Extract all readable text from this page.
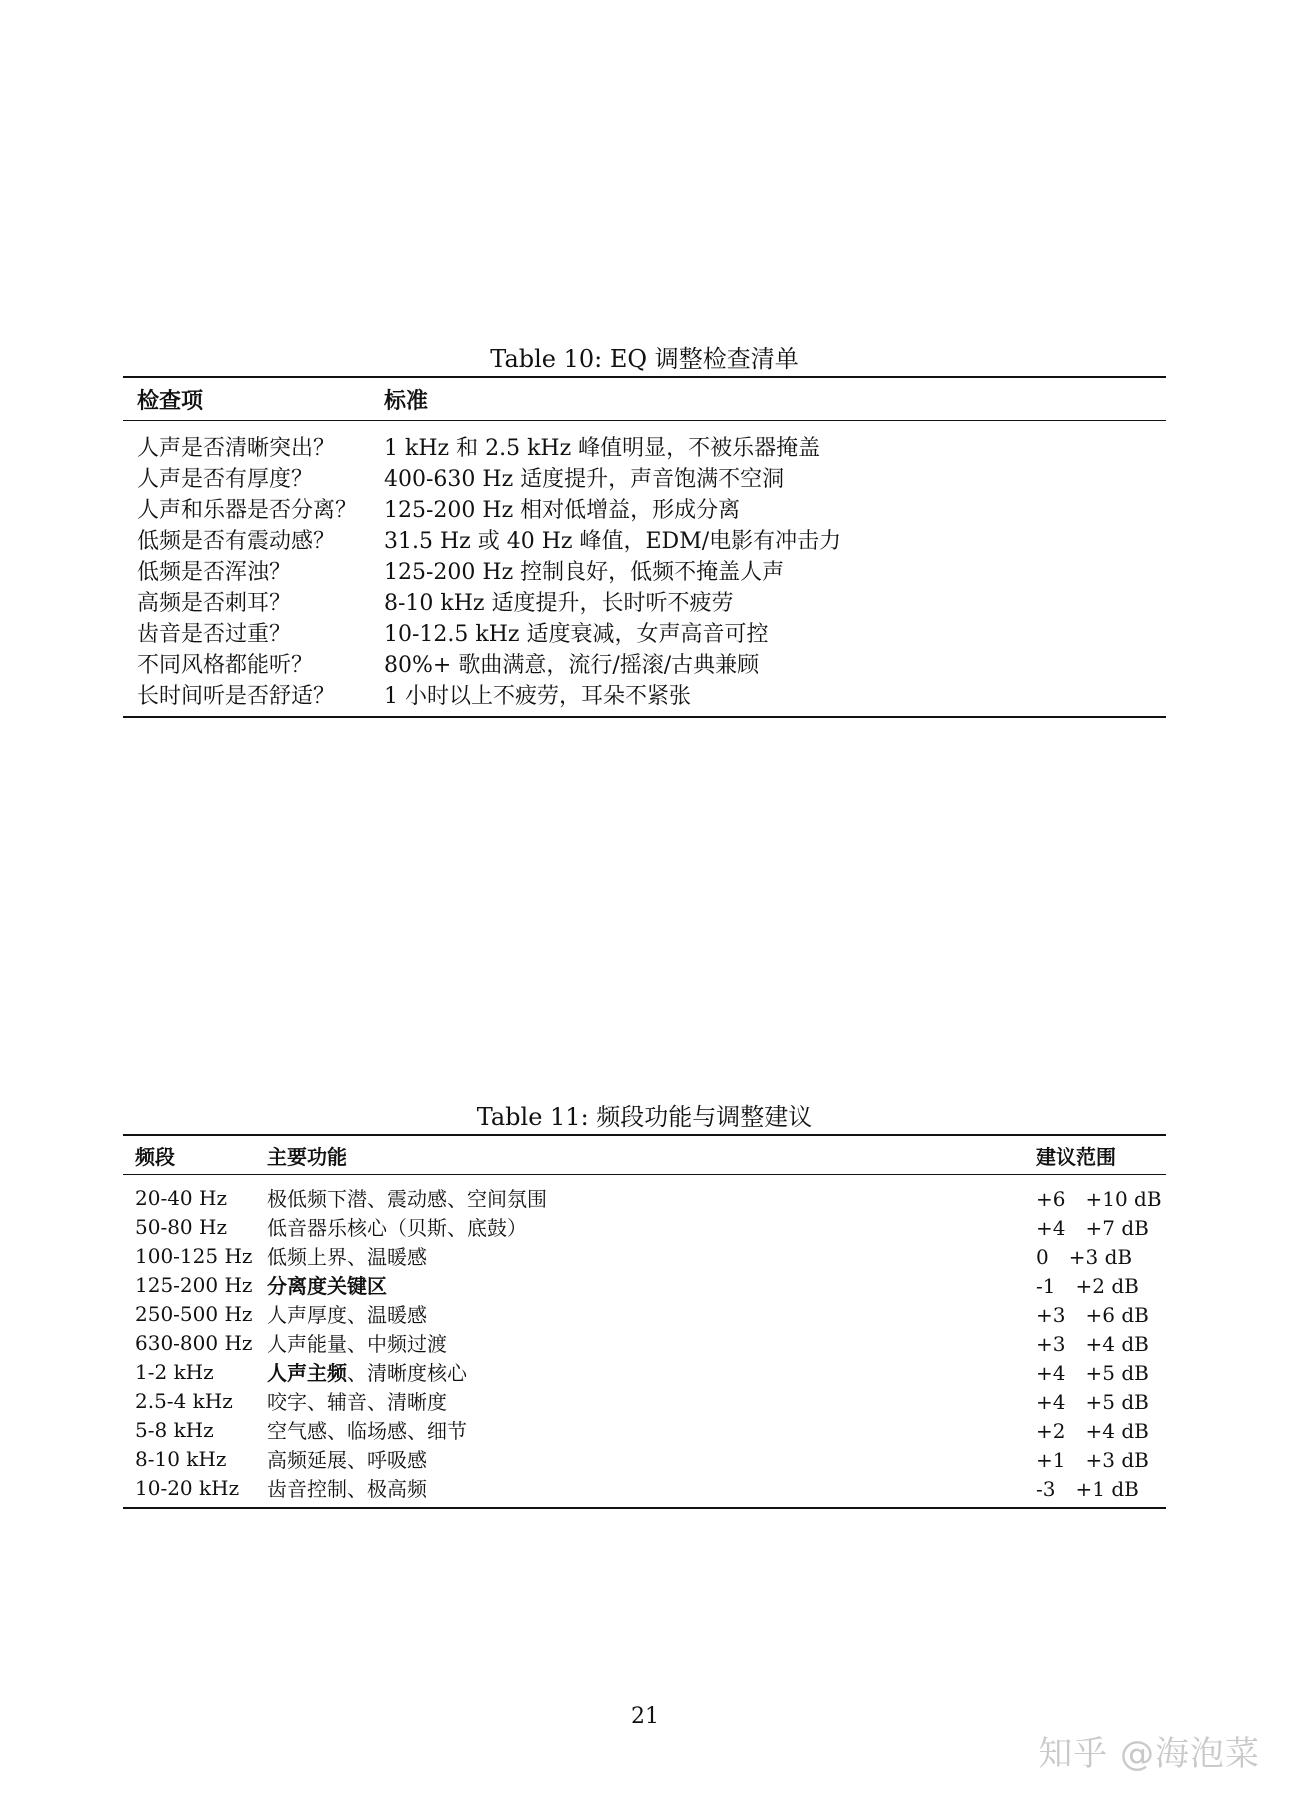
Table 10: EQ 调整检查清单
检查项	标准

人声是否清晰突出？	1 kHz 和 2.5 kHz 峰值明显，不被乐器掩盖
人声是否有厚度？	400-630 Hz 适度提升，声音饱满不空洞
人声和乐器是否分离？	125-200 Hz 相对低增益，形成分离
低频是否有震动感？	31.5 Hz 或 40 Hz 峰值，EDM/电影有冲击力
低频是否浑浊？	125-200 Hz 控制良好，低频不掩盖人声
高频是否刺耳？	8-10 kHz 适度提升，长时听不疲劳
齿音是否过重？	10-12.5 kHz 适度衰减，女声高音可控
不同风格都能听？	80%+ 歌曲满意，流行/摇滚/古典兼顾
长时间听是否舒适？	1 小时以上不疲劳，耳朵不紧张

Table 11: 频段功能与调整建议
频段	主要功能	建议范围

20-40 Hz	极低频下潜、震动感、空间氛围	+6　+10 dB
50-80 Hz	低音器乐核心（贝斯、底鼓）	+4　+7 dB
100-125 Hz	低频上界、温暖感	0　+3 dB
125-200 Hz	分离度关键区	-1　+2 dB
250-500 Hz	人声厚度、温暖感	+3　+6 dB
630-800 Hz	人声能量、中频过渡	+3　+4 dB
1-2 kHz	人声主频、清晰度核心	+4　+5 dB
2.5-4 kHz	咬字、辅音、清晰度	+4　+5 dB
5-8 kHz	空气感、临场感、细节	+2　+4 dB
8-10 kHz	高频延展、呼吸感	+1　+3 dB
10-20 kHz	齿音控制、极高频	-3　+1 dB

21
知乎 @海泡菜
